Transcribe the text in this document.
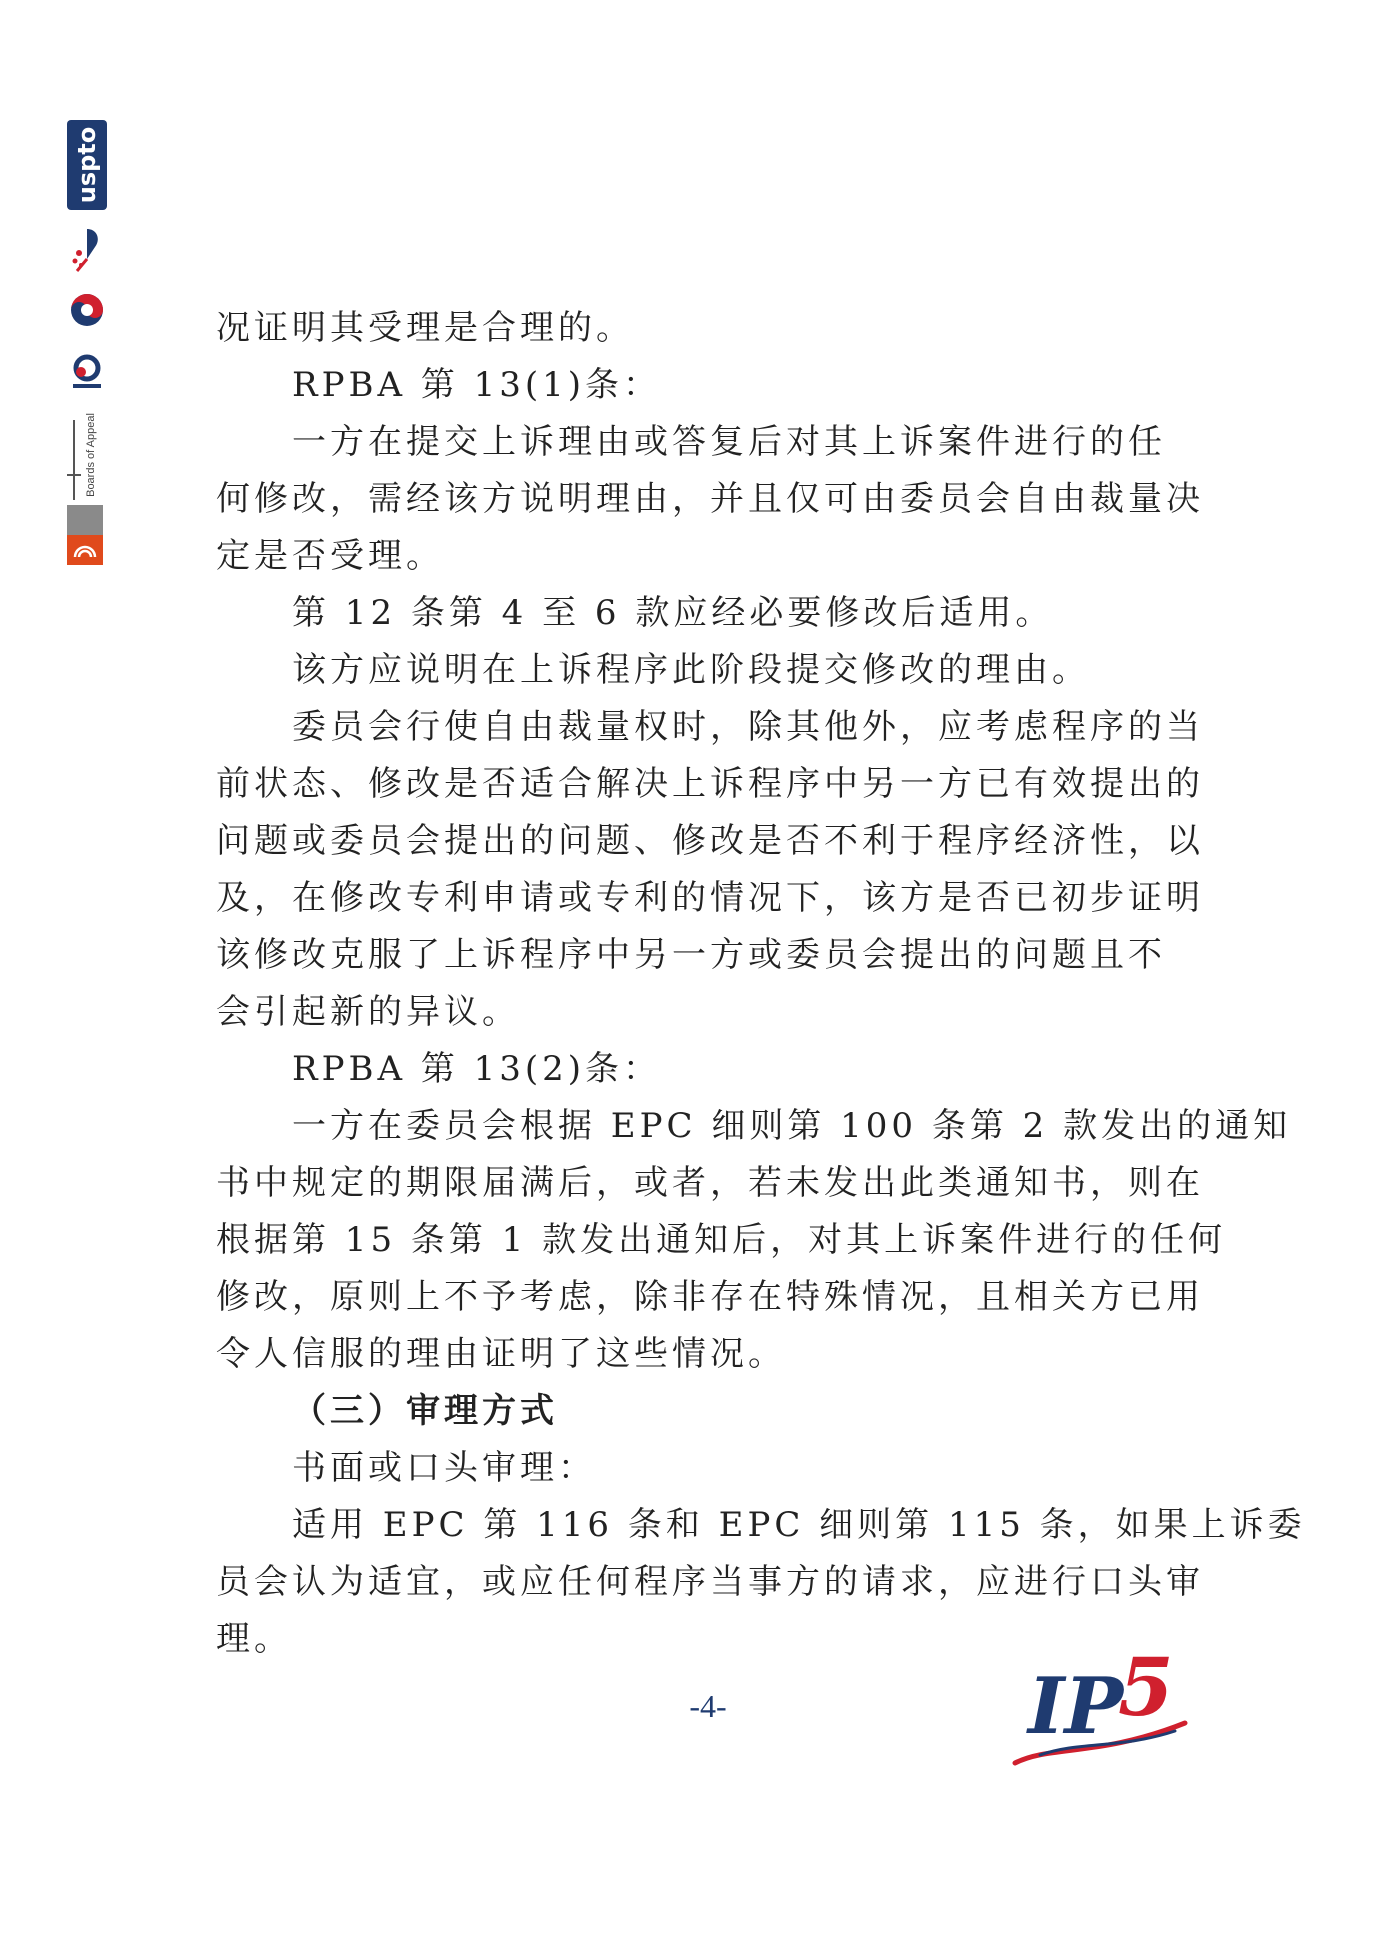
uspto
Boards of Appeal
况证明其受理是合理的。
RPBA 第 13(1)条：
一方在提交上诉理由或答复后对其上诉案件进行的任
何修改，需经该方说明理由，并且仅可由委员会自由裁量决
定是否受理。
第 12 条第 4 至 6 款应经必要修改后适用。
该方应说明在上诉程序此阶段提交修改的理由。
委员会行使自由裁量权时，除其他外，应考虑程序的当
前状态、修改是否适合解决上诉程序中另一方已有效提出的
问题或委员会提出的问题、修改是否不利于程序经济性，以
及，在修改专利申请或专利的情况下，该方是否已初步证明
该修改克服了上诉程序中另一方或委员会提出的问题且不
会引起新的异议。
RPBA 第 13(2)条：
一方在委员会根据 EPC 细则第 100 条第 2 款发出的通知
书中规定的期限届满后，或者，若未发出此类通知书，则在
根据第 15 条第 1 款发出通知后，对其上诉案件进行的任何
修改，原则上不予考虑，除非存在特殊情况，且相关方已用
令人信服的理由证明了这些情况。
（三）审理方式
书面或口头审理：
适用 EPC 第 116 条和 EPC 细则第 115 条，如果上诉委
员会认为适宜，或应任何程序当事方的请求，应进行口头审
理。
-4-	IP
5
